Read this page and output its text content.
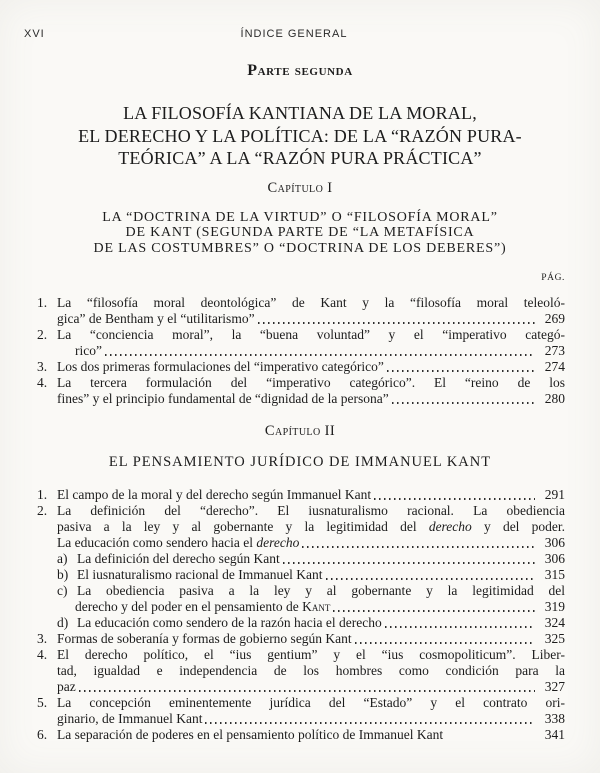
XVI	ÍNDICE GENERAL
Parte segunda
LA FILOSOFÍA KANTIANA DE LA MORAL,
EL DERECHO Y LA POLÍTICA: DE LA “RAZÓN PURA-
TEÓRICA” A LA “RAZÓN PURA PRÁCTICA”
Capítulo I
LA “DOCTRINA DE LA VIRTUD” O “FILOSOFÍA MORAL”
DE KANT (SEGUNDA PARTE DE “LA METAFÍSICA
DE LAS COSTUMBRES” O “DOCTRINA DE LOS DEBERES”)
PÁG.
1. La “filosofía moral deontológica” de Kant y la “filosofía moral teleoló-
gica” de Bentham y el “utilitarismo”	269
2. La “conciencia moral”, la “buena voluntad” y el “imperativo categó-
rico”	273
3. Los dos primeras formulaciones del “imperativo categórico”	274
4. La tercera formulación del “imperativo categórico”. El “reino de los
fines” y el principio fundamental de “dignidad de la persona”	280
Capítulo II
EL PENSAMIENTO JURÍDICO DE IMMANUEL KANT
1. El campo de la moral y del derecho según Immanuel Kant	291
2. La definición del “derecho”. El iusnaturalismo racional. La obediencia
pasiva a la ley y al gobernante y la legitimidad del derecho y del poder.
La educación como sendero hacia el derecho	306
a) La definición del derecho según Kant	306
b) El iusnaturalismo racional de Immanuel Kant	315
c) La obediencia pasiva a la ley y al gobernante y la legitimidad del
derecho y del poder en el pensamiento de Kant	319
d) La educación como sendero de la razón hacia el derecho	324
3. Formas de soberanía y formas de gobierno según Kant	325
4. El derecho político, el “ius gentium” y el “ius cosmopoliticum”. Liber-
tad, igualdad e independencia de los hombres como condición para la
paz	327
5. La concepción eminentemente jurídica del “Estado” y el contrato ori-
ginario, de Immanuel Kant	338
6. La separación de poderes en el pensamiento político de Immanuel Kant	341
